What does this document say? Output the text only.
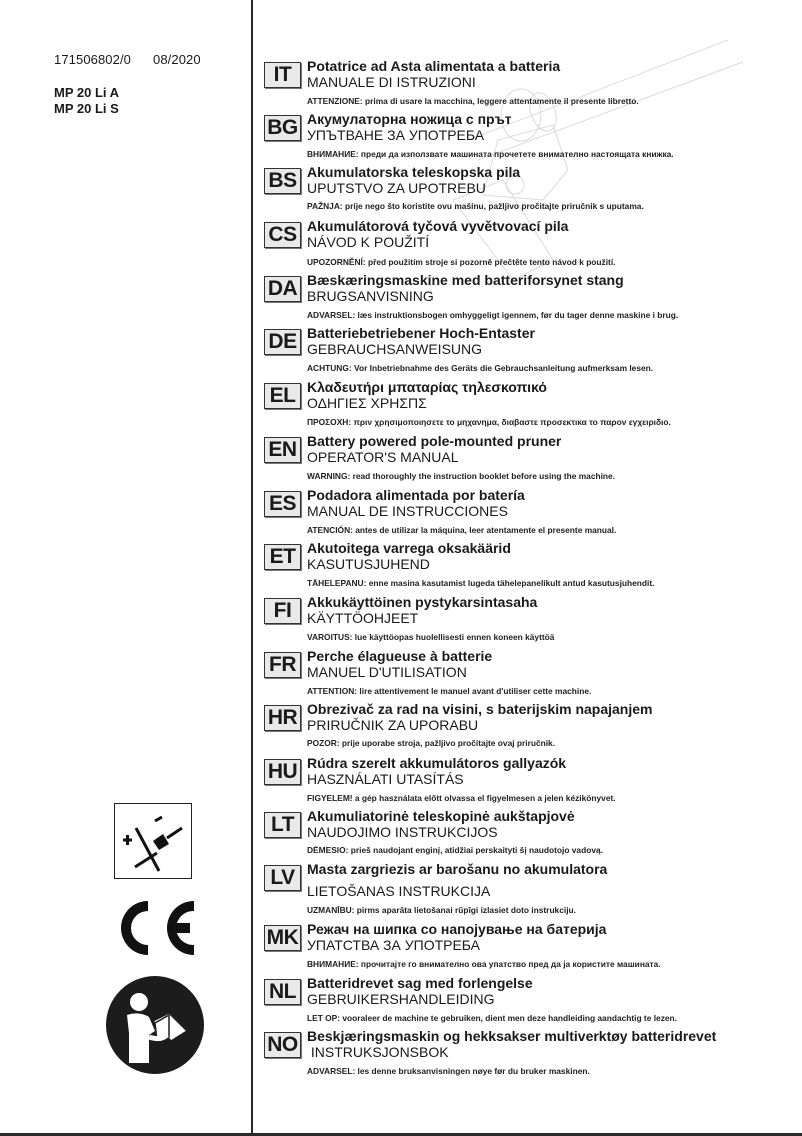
171506802/0 08/2020
MP 20 Li A
MP 20 Li S
IT	Potatrice ad Asta alimentata a batteria
MANUALE DI ISTRUZIONI
ATTENZIONE: prima di usare la macchina, leggere attentamente il presente libretto.
BG Акумулаторна ножица с прът
УПЪТВАНЕ ЗА УПОТРЕБА
ВНИМАНИЕ: преди да използвате машината прочетете внимателно настоящата книжка.
BS Akumulatorska teleskopska pila
UPUTSTVO ZA UPOTREBU
PAŽNJA: prije nego što koristite ovu mašinu, pažljivo pročitajte priručnik s uputama.
CS Akumulátorová tyčová vyvětvovací pila
NÁVOD K POUŽITÍ
UPOZORNĚNÍ: před použitím stroje si pozorně přečtěte tento návod k použití.
DA Bæskæringsmaskine med batteriforsynet stang
BRUGSANVISNING
ADVARSEL: læs instruktionsbogen omhyggeligt igennem, før du tager denne maskine i brug.
DE Batteriebetriebener Hoch-Entaster
GEBRAUCHSANWEISUNG
ACHTUNG: Vor Inbetriebnahme des Geräts die Gebrauchsanleitung aufmerksam lesen.
EL Κλαδευτήρι μπαταρίας τηλεσκοπικό
ΟΔΗΓΙΕΣ ΧΡΗΣΠΣ
ΠΡΟΣΟΧΗ: πριν χρησιμοποιησετε το μηχανημα, διαβαστε προσεκτικα το παρον εγχειριδιο.
EN Battery powered pole-mounted pruner
OPERATOR'S MANUAL
WARNING: read thoroughly the instruction booklet before using the machine.
ES Podadora alimentada por batería
MANUAL DE INSTRUCCIONES
ATENCIÓN: antes de utilizar la máquina, leer atentamente el presente manual.
ET Akutoitega varrega oksakäärid
KASUTUSJUHEND
TÄHELEPANU: enne masina kasutamist lugeda tähelepanelikult antud kasutusjuhendit.
FI	Akkukäyttöinen pystykarsintasaha
KÄYTTÖOHJEET
VAROITUS: lue käyttöopas huolellisesti ennen koneen käyttöä
FR Perche élagueuse à batterie
MANUEL D'UTILISATION
ATTENTION: lire attentivement le manuel avant d'utiliser cette machine.
HR Obrezivač za rad na visini, s baterijskim napajanjem
PRIRUČNIK ZA UPORABU
POZOR: prije uporabe stroja, pažljivo pročitajte ovaj priručnik.
HU Rúdra szerelt akkumulátoros gallyazók
HASZNÁLATI UTASÍTÁS
FIGYELEM! a gép használata előtt olvassa el figyelmesen a jelen kézikönyvet.
LT Akumuliatorinė teleskopinė aukštapjovė
NAUDOJIMO INSTRUKCIJOS
DĖMESIO: prieš naudojant enginį, atidžiai perskaityti šį naudotojo vadovą.
LV Masta zargriezis ar barošanu no akumulatora
LIETOŠANAS INSTRUKCIJA
UZMANĪBU: pirms aparāta lietošanai rūpīgi izlasiet doto instrukciju.
MK Режач на шипка со напојување на батерија
УПАТСТВА ЗА УПОТРЕБА
ВНИМАНИЕ: прочитајте го внимателно ова упатство пред да ја користите машината.
NL Batteridrevet sag med forlengelse
GEBRUIKERSHANDLEIDING
LET OP: vooraleer de machine te gebruiken, dient men deze handleiding aandachtig te lezen.
NO Beskjæringsmaskin og hekksakser multiverktøy batteridrevet
INSTRUKSJONSBOK
ADVARSEL: les denne bruksanvisningen nøye før du bruker maskinen.
